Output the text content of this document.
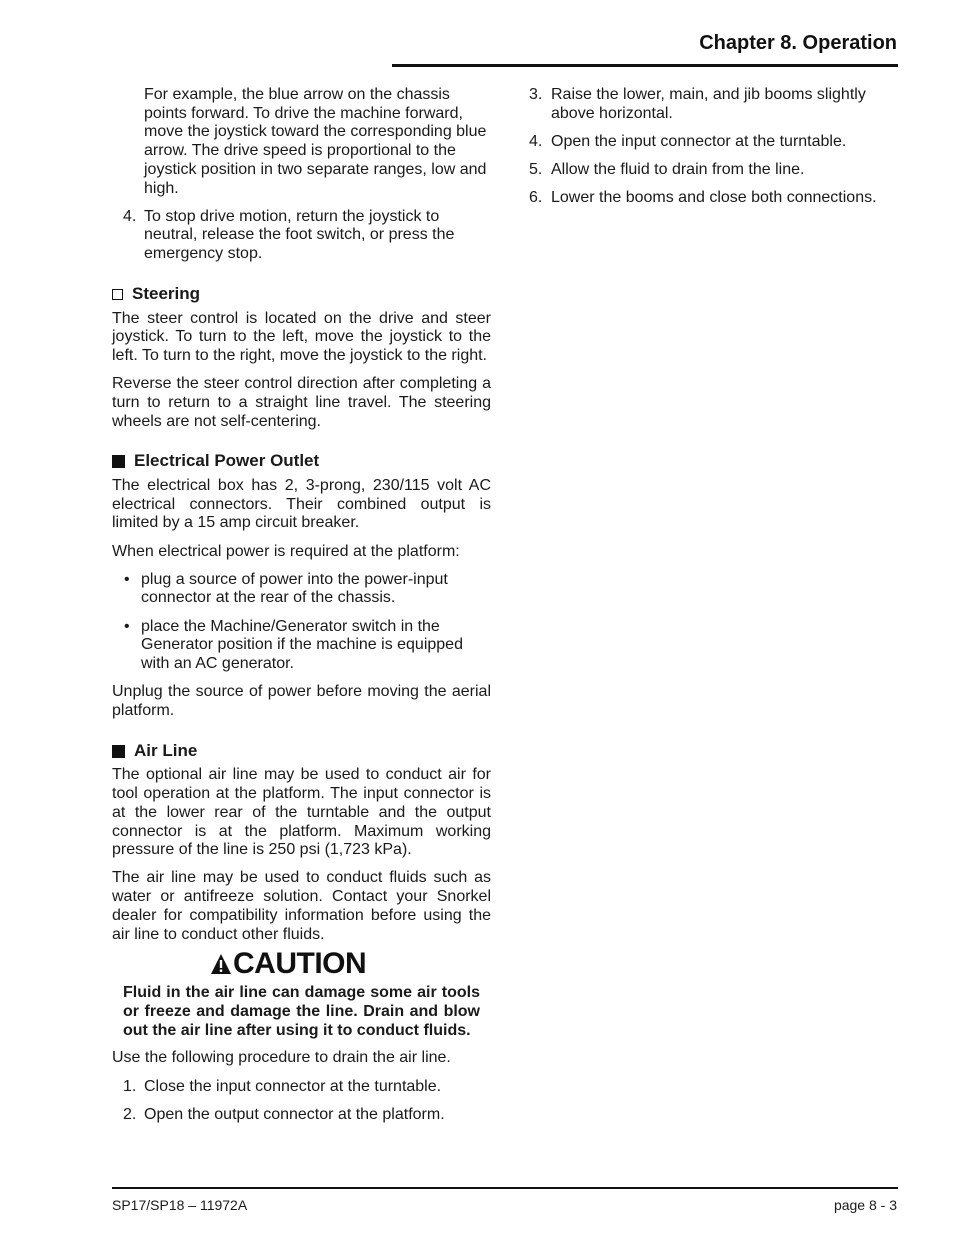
Chapter 8. Operation

For example, the blue arrow on the chassis points forward. To drive the machine forward, move the joystick toward the corresponding blue arrow. The drive speed is proportional to the joystick position in two separate ranges, low and high.

4. To stop drive motion, return the joystick to neutral, release the foot switch, or press the emergency stop.
Steering

The steer control is located on the drive and steer joystick. To turn to the left, move the joystick to the left. To turn to the right, move the joystick to the right.

Reverse the steer control direction after completing a turn to return to a straight line travel. The steering wheels are not self-centering.

Electrical Power Outlet

The electrical box has 2, 3-prong, 230/115 volt AC electrical connectors. Their combined output is limited by a 15 amp circuit breaker.

When electrical power is required at the platform:

• plug a source of power into the power-input connector at the rear of the chassis.
• place the Machine/Generator switch in the Generator position if the machine is equipped with an AC generator.

Unplug the source of power before moving the aerial platform.

Air Line

The optional air line may be used to conduct air for tool operation at the platform. The input connector is at the lower rear of the turntable and the output connector is at the platform. Maximum working pressure of the line is 250 psi (1,723 kPa).

The air line may be used to conduct fluids such as water or antifreeze solution. Contact your Snorkel dealer for compatibility information before using the air line to conduct other fluids.

CAUTION

Fluid in the air line can damage some air tools or freeze and damage the line. Drain and blow out the air line after using it to conduct fluids.

Use the following procedure to drain the air line.

1. Close the input connector at the turntable.
2. Open the output connector at the platform.
3. Raise the lower, main, and jib booms slightly above horizontal.
4. Open the input connector at the turntable.
5. Allow the fluid to drain from the line.
6. Lower the booms and close both connections.
SP17/SP18 – 11972A	page 8 - 3
